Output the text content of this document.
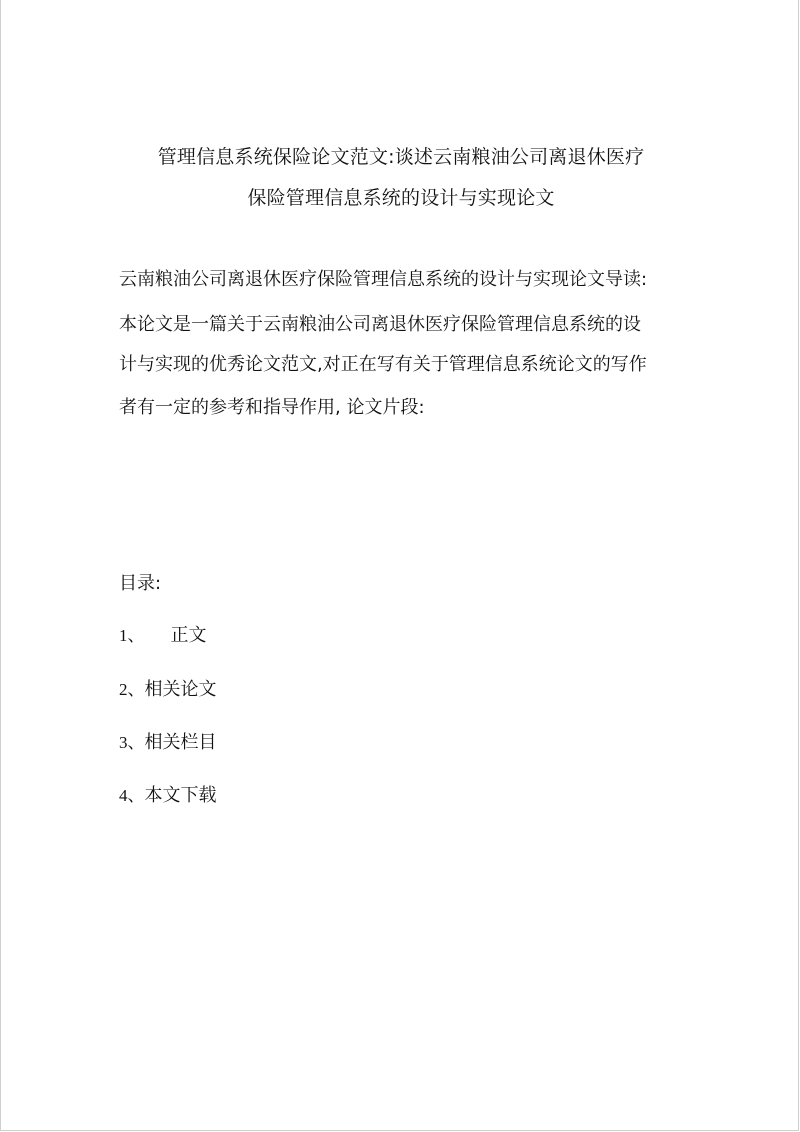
管理信息系统保险论文范文:谈述云南粮油公司离退休医疗
保险管理信息系统的设计与实现论文
云南粮油公司离退休医疗保险管理信息系统的设计与实现论文导读:
本论文是一篇关于云南粮油公司离退休医疗保险管理信息系统的设
计与实现的优秀论文范文,对正在写有关于管理信息系统论文的写作
者有一定的参考和指导作用, 论文片段:
目录:
1、 正文
2、相关论文
3、相关栏目
4、本文下载
